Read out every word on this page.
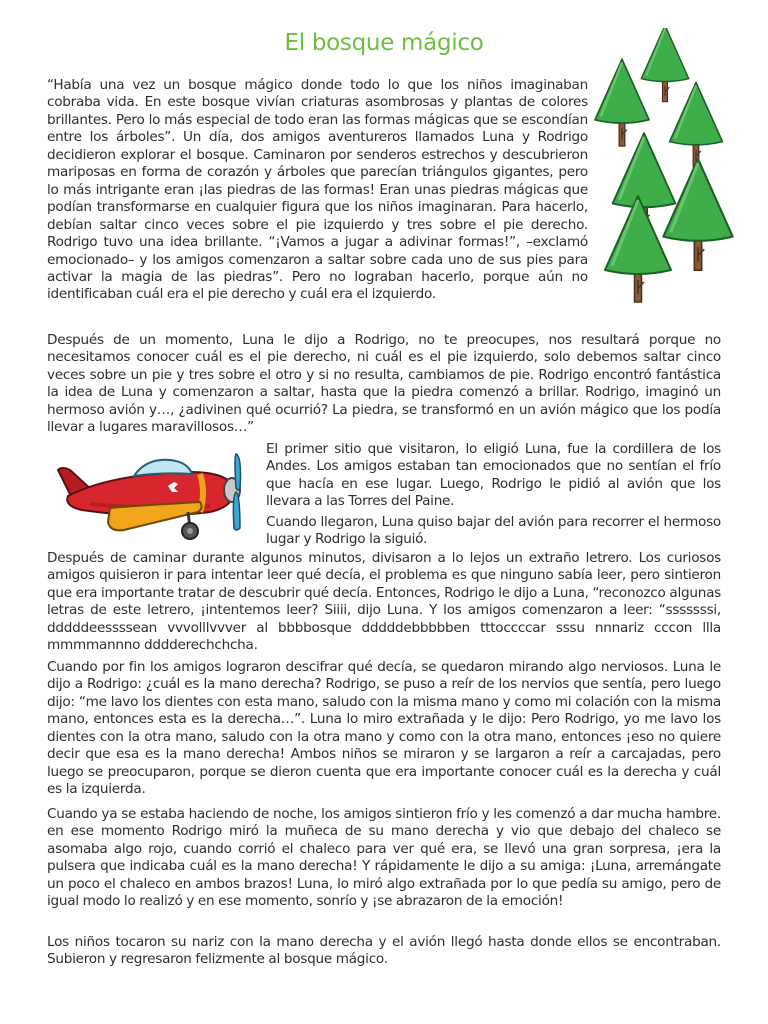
El bosque mágico

“Había una vez un bosque mágico donde todo lo que los niños imaginaban cobraba vida. En este bosque vivían criaturas asombrosas y plantas de colores brillantes. Pero lo más especial de todo eran las formas mágicas que se escondían entre los árboles”. Un día, dos amigos aventureros llamados Luna y Rodrigo decidieron explorar el bosque. Caminaron por senderos estrechos y descubrieron mariposas en forma de corazón y árboles que parecían triángulos gigantes, pero lo más intrigante eran ¡las piedras de las formas! Eran unas piedras mágicas que podían transformarse en cualquier figura que los niños imaginaran. Para hacerlo, debían saltar cinco veces sobre el pie izquierdo y tres sobre el pie derecho. Rodrigo tuvo una idea brillante. “¡Vamos a jugar a adivinar formas!”, –exclamó emocionado– y los amigos comenzaron a saltar sobre cada uno de sus pies para activar la magia de las piedras”. Pero no lograban hacerlo, porque aún no identificaban cuál era el pie derecho y cuál era el izquierdo.

Después de un momento, Luna le dijo a Rodrigo, no te preocupes, nos resultará porque no necesitamos conocer cuál es el pie derecho, ni cuál es el pie izquierdo, solo debemos saltar cinco veces sobre un pie y tres sobre el otro y si no resulta, cambiamos de pie. Rodrigo encontró fantástica la idea de Luna y comenzaron a saltar, hasta que la piedra comenzó a brillar. Rodrigo, imaginó un hermoso avión y…, ¿adivinen qué ocurrió? La piedra, se transformó en un avión mágico que los podía llevar a lugares maravillosos…”

El primer sitio que visitaron, lo eligió Luna, fue la cordillera de los Andes. Los amigos estaban tan emocionados que no sentían el frío que hacía en ese lugar. Luego, Rodrigo le pidió al avión que los llevara a las Torres del Paine.

Cuando llegaron, Luna quiso bajar del avión para recorrer el hermoso lugar y Rodrigo la siguió.

Después de caminar durante algunos minutos, divisaron a lo lejos un extraño letrero. Los curiosos amigos quisieron ir para intentar leer qué decía, el problema es que ninguno sabía leer, pero sintieron que era importante tratar de descubrir qué decía. Entonces, Rodrigo le dijo a Luna, “reconozco algunas letras de este letrero, ¡intentemos leer? Siiii, dijo Luna. Y los amigos comenzaron a leer: “sssssssi, dddddeessssean vvvolllvvver al bbbbosque dddddebbbbben tttoccccar sssu nnnariz cccon llla mmmmannno dddderechchcha.

Cuando por fin los amigos lograron descifrar qué decía, se quedaron mirando algo nerviosos. Luna le dijo a Rodrigo: ¿cuál es la mano derecha? Rodrigo, se puso a reír de los nervios que sentía, pero luego dijo: “me lavo los dientes con esta mano, saludo con la misma mano y como mi colación con la misma mano, entonces esta es la derecha…”. Luna lo miro extrañada y le dijo: Pero Rodrigo, yo me lavo los dientes con la otra mano, saludo con la otra mano y como con la otra mano, entonces ¡eso no quiere decir que esa es la mano derecha! Ambos niños se miraron y se largaron a reír a carcajadas, pero luego se preocuparon, porque se dieron cuenta que era importante conocer cuál es la derecha y cuál es la izquierda.

Cuando ya se estaba haciendo de noche, los amigos sintieron frío y les comenzó a dar mucha hambre. en ese momento Rodrigo miró la muñeca de su mano derecha y vio que debajo del chaleco se asomaba algo rojo, cuando corrió el chaleco para ver qué era, se llevó una gran sorpresa, ¡era la pulsera que indicaba cuál es la mano derecha! Y rápidamente le dijo a su amiga: ¡Luna, arremángate un poco el chaleco en ambos brazos! Luna, lo miró algo extrañada por lo que pedía su amigo, pero de igual modo lo realizó y en ese momento, sonrío y ¡se abrazaron de la emoción!

Los niños tocaron su nariz con la mano derecha y el avión llegó hasta donde ellos se encontraban. Subieron y regresaron felizmente al bosque mágico.
